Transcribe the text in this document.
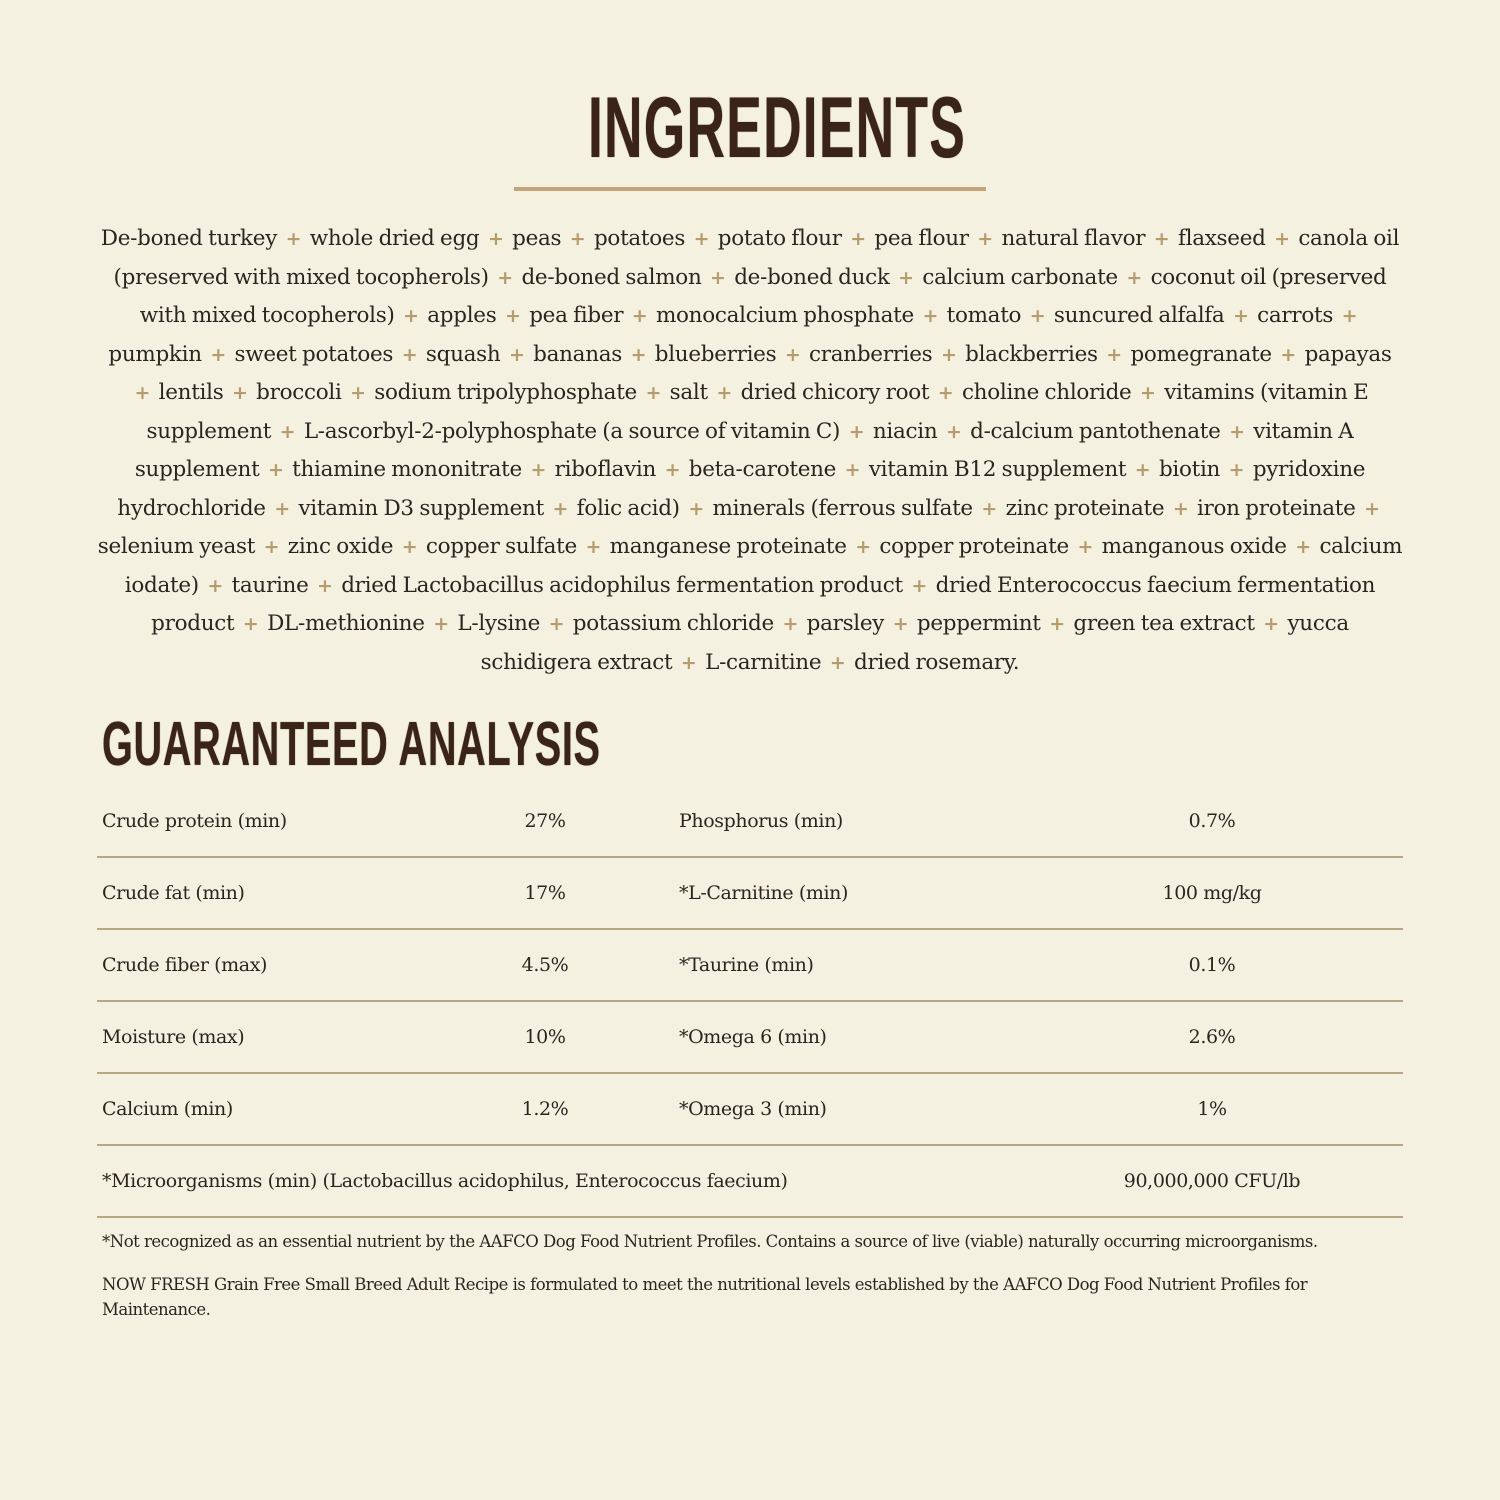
INGREDIENTS
De-boned turkey + whole dried egg + peas + potatoes + potato flour + pea flour + natural flavor + flaxseed + canola oil (preserved with mixed tocopherols) + de-boned salmon + de-boned duck + calcium carbonate + coconut oil (preserved with mixed tocopherols) + apples + pea fiber + monocalcium phosphate + tomato + suncured alfalfa + carrots + pumpkin + sweet potatoes + squash + bananas + blueberries + cranberries + blackberries + pomegranate + papayas + lentils + broccoli + sodium tripolyphosphate + salt + dried chicory root + choline chloride + vitamins (vitamin E supplement + L-ascorbyl-2-polyphosphate (a source of vitamin C) + niacin + d-calcium pantothenate + vitamin A supplement + thiamine mononitrate + riboflavin + beta-carotene + vitamin B12 supplement + biotin + pyridoxine hydrochloride + vitamin D3 supplement + folic acid) + minerals (ferrous sulfate + zinc proteinate + iron proteinate + selenium yeast + zinc oxide + copper sulfate + manganese proteinate + copper proteinate + manganous oxide + calcium iodate) + taurine + dried Lactobacillus acidophilus fermentation product + dried Enterococcus faecium fermentation product + DL-methionine + L-lysine + potassium chloride + parsley + peppermint + green tea extract + yucca schidigera extract + L-carnitine + dried rosemary.
GUARANTEED ANALYSIS
Crude protein (min)	27%	Phosphorus (min)	0.7%
Crude fat (min)	17%	*L-Carnitine (min)	100 mg/kg
Crude fiber (max)	4.5%	*Taurine (min)	0.1%
Moisture (max)	10%	*Omega 6 (min)	2.6%
Calcium (min)	1.2%	*Omega 3 (min)	1%
*Microorganisms (min) (Lactobacillus acidophilus, Enterococcus faecium)	90,000,000 CFU/lb

*Not recognized as an essential nutrient by the AAFCO Dog Food Nutrient Profiles. Contains a source of live (viable) naturally occurring microorganisms.

NOW FRESH Grain Free Small Breed Adult Recipe is formulated to meet the nutritional levels established by the AAFCO Dog Food Nutrient Profiles for Maintenance.
